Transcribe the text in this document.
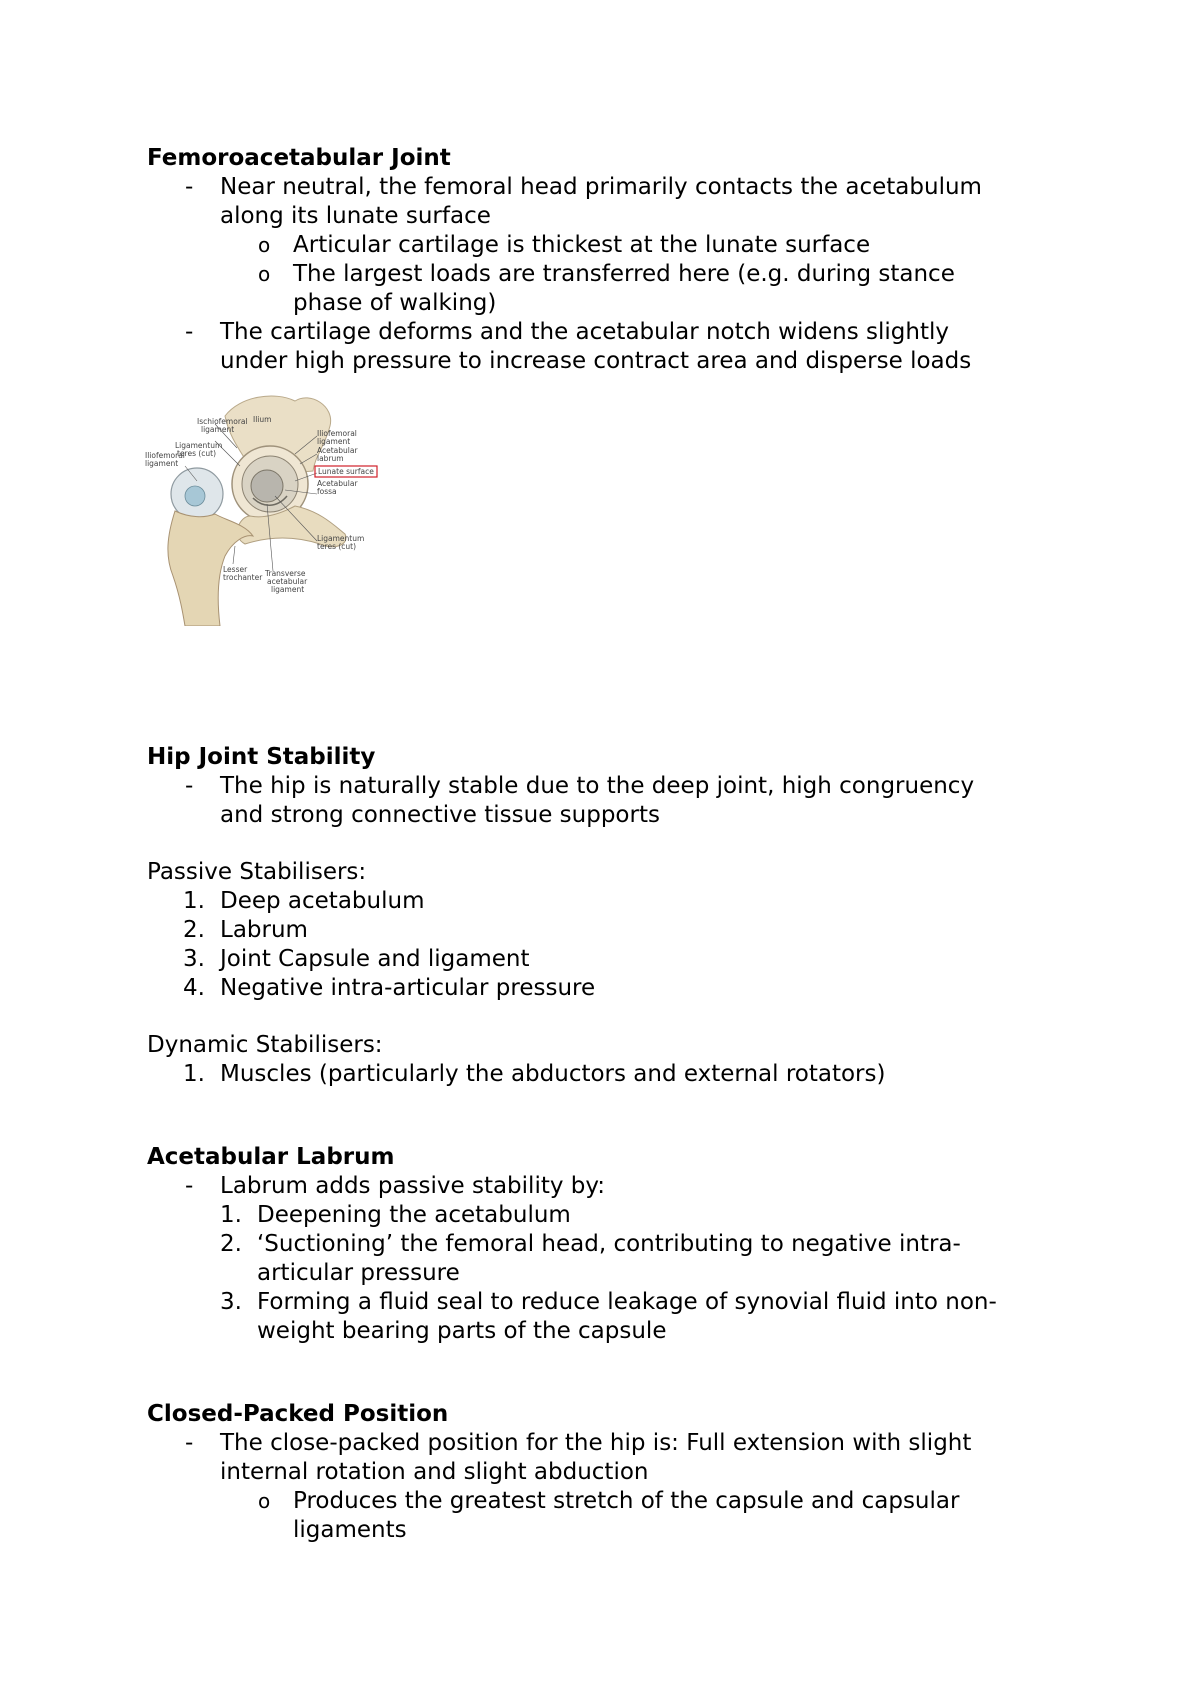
Femoroacetabular Joint
-	Near neutral, the femoral head primarily contacts the acetabulum
along its lunate surface
o Articular cartilage is thickest at the lunate surface
o The largest loads are transferred here (e.g. during stance
phase of walking)
-	The cartilage deforms and the acetabular notch widens slightly
under high pressure to increase contract area and disperse loads
Ilium
Ischiofemoral
ligament
Ligamentum
teres (cut)
Iliofemoral
ligament
Iliofemoral
ligament
Acetabular
labrum
Lunate surface
Acetabular
fossa
Ligamentum
teres (cut)
Lesser
trochanter Transverse
acetabular
ligament
Hip Joint Stability
-	The hip is naturally stable due to the deep joint, high congruency
and strong connective tissue supports
Passive Stabilisers:
1. Deep acetabulum
2. Labrum
3. Joint Capsule and ligament
4. Negative intra-articular pressure
Dynamic Stabilisers:
1. Muscles (particularly the abductors and external rotators)
Acetabular Labrum
-	Labrum adds passive stability by:
1. Deepening the acetabulum
2. ‘Suctioning’ the femoral head, contributing to negative intra-
articular pressure
3. Forming a fluid seal to reduce leakage of synovial fluid into non-
weight bearing parts of the capsule
Closed-Packed Position
-	The close-packed position for the hip is: Full extension with slight
internal rotation and slight abduction
o Produces the greatest stretch of the capsule and capsular
ligaments
